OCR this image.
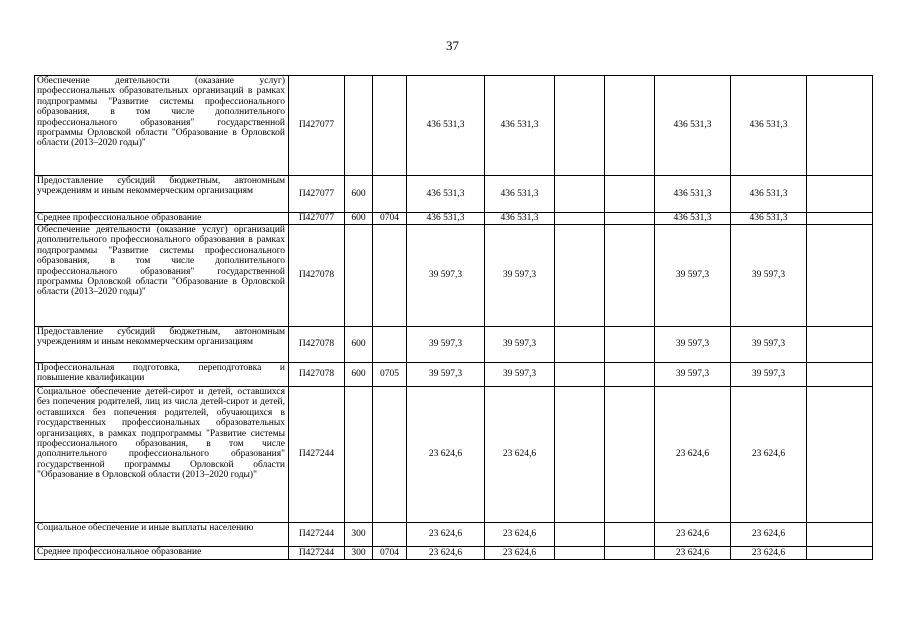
37
Обеспечение деятельности (оказание услуг) профессиональных образовательных организаций в рамках подпрограммы "Развитие системы профессионального образования, в том числе дополнительного профессионального образования" государственной программы Орловской области "Образование в Орловской области (2013–2020 годы)"	П427077			436 531,3	436 531,3			436 531,3	436 531,3	
Предоставление субсидий бюджетным, автономным учреждениям и иным некоммерческим организациям	П427077	600		436 531,3	436 531,3			436 531,3	436 531,3	
Среднее профессиональное образование	П427077	600	0704	436 531,3	436 531,3			436 531,3	436 531,3	
Обеспечение деятельности (оказание услуг) организаций дополнительного профессионального образования в рамках подпрограммы "Развитие системы профессионального образования, в том числе дополнительного профессионального образования" государственной программы Орловской области "Образование в Орловской области (2013–2020 годы)"	П427078			39 597,3	39 597,3			39 597,3	39 597,3	
Предоставление субсидий бюджетным, автономным учреждениям и иным некоммерческим организациям	П427078	600		39 597,3	39 597,3			39 597,3	39 597,3	
Профессиональная подготовка, переподготовка и повышение квалификации	П427078	600	0705	39 597,3	39 597,3			39 597,3	39 597,3	
Социальное обеспечение детей-сирот и детей, оставшихся без попечения родителей, лиц из числа детей-сирот и детей, оставшихся без попечения родителей, обучающихся в государственных профессиональных образовательных организациях, в рамках подпрограммы "Развитие системы профессионального образования, в том числе дополнительного профессионального образования" государственной программы Орловской области "Образование в Орловской области (2013–2020 годы)"	П427244			23 624,6	23 624,6			23 624,6	23 624,6	
Социальное обеспечение и иные выплаты населению	П427244	300		23 624,6	23 624,6			23 624,6	23 624,6	
Среднее профессиональное образование	П427244	300	0704	23 624,6	23 624,6			23 624,6	23 624,6	
